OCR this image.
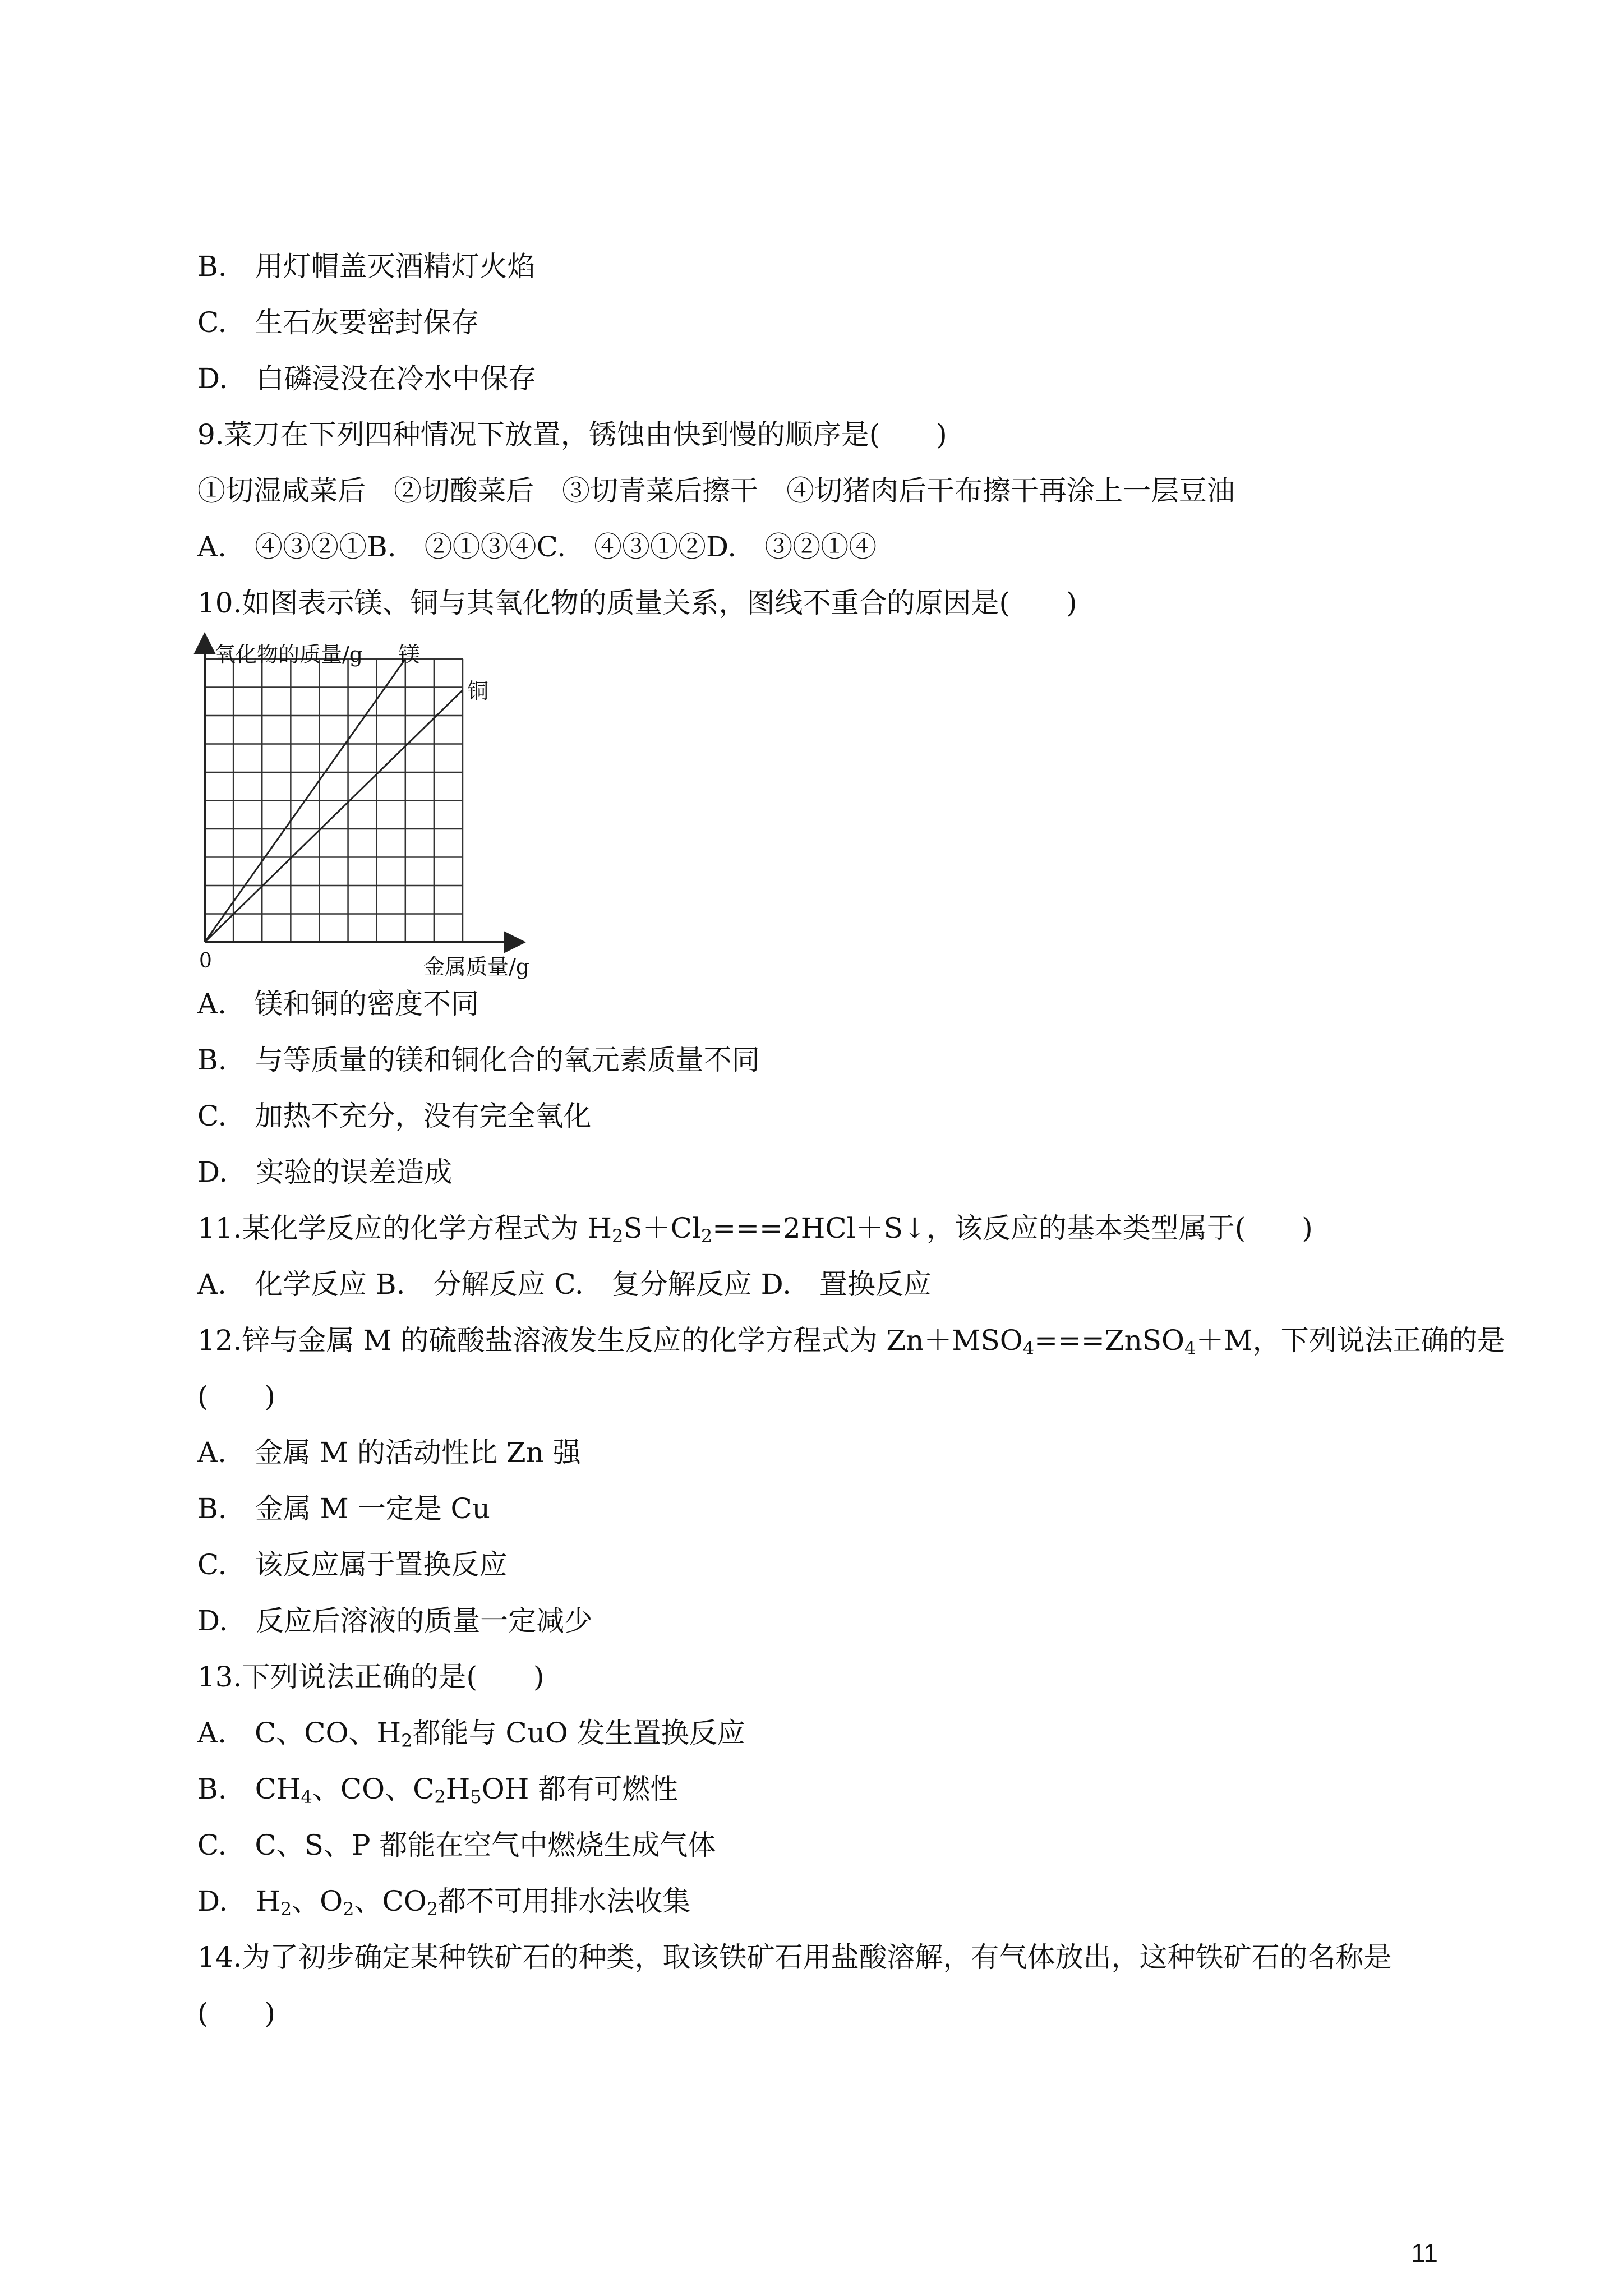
B.　用灯帽盖灭酒精灯火焰
C.　生石灰要密封保存
D.　白磷浸没在冷水中保存
9.菜刀在下列四种情况下放置，锈蚀由快到慢的顺序是(　　)
①切湿咸菜后　②切酸菜后　③切青菜后擦干　④切猪肉后干布擦干再涂上一层豆油
A.　④③②①B.　②①③④C.　④③①②D.　③②①④
10.如图表示镁、铜与其氧化物的质量关系，图线不重合的原因是(　　)
镁
铜
氧化物的质量/g
金属质量/g
0
A.　镁和铜的密度不同
B.　与等质量的镁和铜化合的氧元素质量不同
C.　加热不充分，没有完全氧化
D.　实验的误差造成
11.某化学反应的化学方程式为 $H_2S+Cl_2===2HCl+S↓$，该反应的基本类型属于(　　)
A.　化学反应 B.　分解反应 C.　复分解反应 D.　置换反应
12.锌与金属 M 的硫酸盐溶液发生反应的化学方程式为 $Zn+MSO_4===ZnSO_4+M$，下列说法正确的是
(　　)
A.　金属 M 的活动性比 Zn 强
B.　金属 M 一定是 Cu
C.　该反应属于置换反应
D.　反应后溶液的质量一定减少
13.下列说法正确的是(　　)
A.　C、CO、$H_2$都能与 CuO 发生置换反应
B.　$CH_4$、CO、$C_2H_5OH$ 都有可燃性
C.　C、S、P 都能在空气中燃烧生成气体
D.　$H_2$、$O_2$、$CO_2$都不可用排水法收集
14.为了初步确定某种铁矿石的种类，取该铁矿石用盐酸溶解，有气体放出，这种铁矿石的名称是
(　　)
11
